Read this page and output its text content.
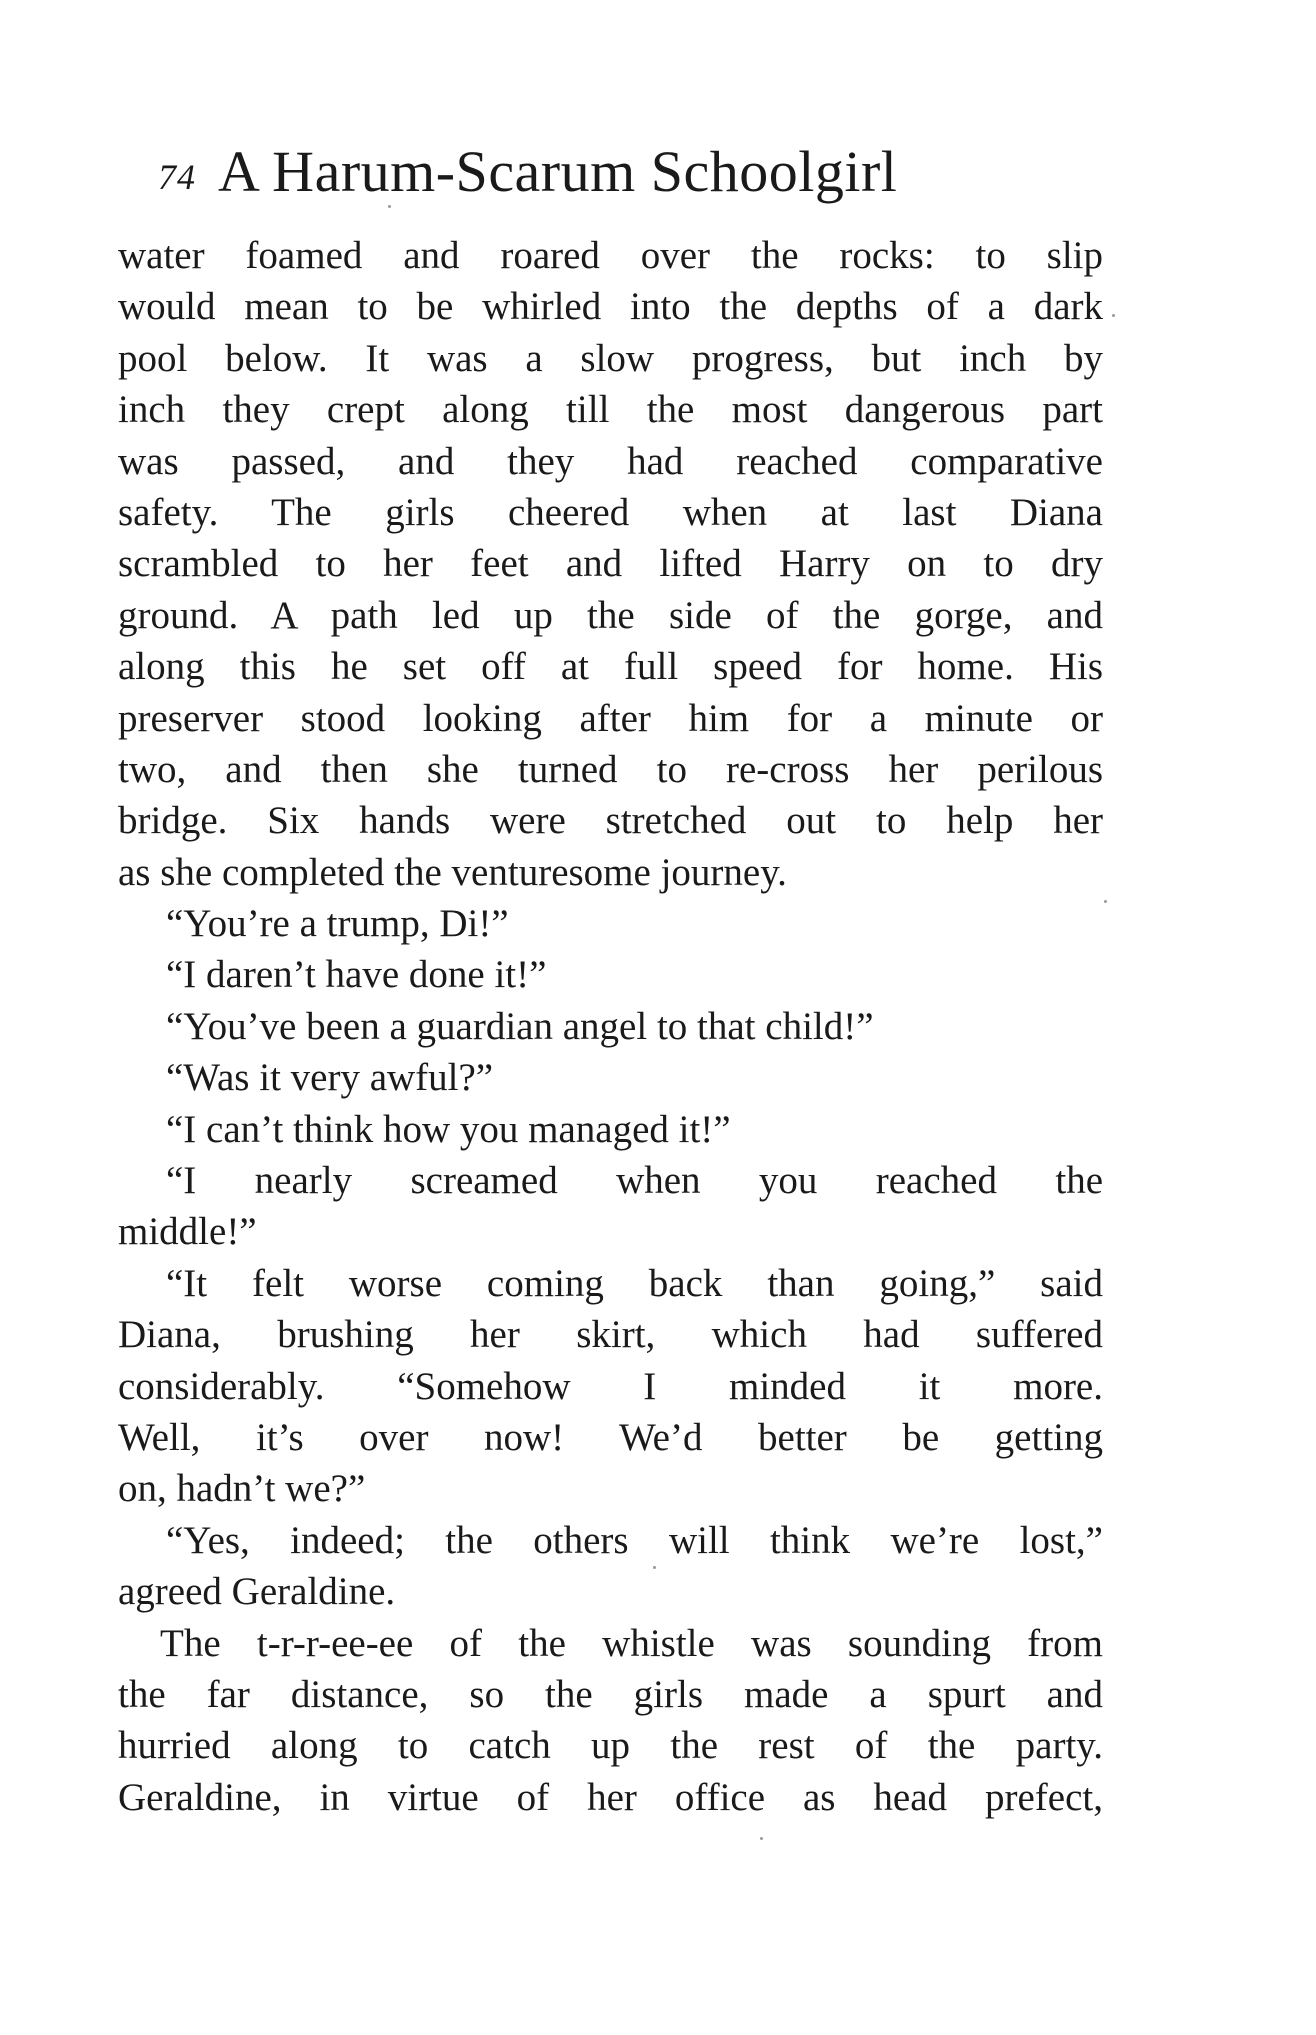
74 A Harum-Scarum Schoolgirl
water foamed and roared over the rocks: to slip
would mean to be whirled into the depths of a dark
pool below. It was a slow progress, but inch by
inch they crept along till the most dangerous part
was passed, and they had reached comparative
safety. The girls cheered when at last Diana
scrambled to her feet and lifted Harry on to dry
ground. A path led up the side of the gorge, and
along this he set off at full speed for home. His
preserver stood looking after him for a minute or
two, and then she turned to re-cross her perilous
bridge. Six hands were stretched out to help her
as she completed the venturesome journey.
“You’re a trump, Di!”
“I daren’t have done it!”
“You’ve been a guardian angel to that child!”
“Was it very awful?”
“I can’t think how you managed it!”
“I nearly screamed when you reached the
middle!”
“It felt worse coming back than going,” said
Diana, brushing her skirt, which had suffered
considerably. “Somehow I minded it more.
Well, it’s over now! We’d better be getting
on, hadn’t we?”
“Yes, indeed; the others will think we’re lost,”
agreed Geraldine.
The t-r-r-ee-ee of the whistle was sounding from
the far distance, so the girls made a spurt and
hurried along to catch up the rest of the party.
Geraldine, in virtue of her office as head prefect,
